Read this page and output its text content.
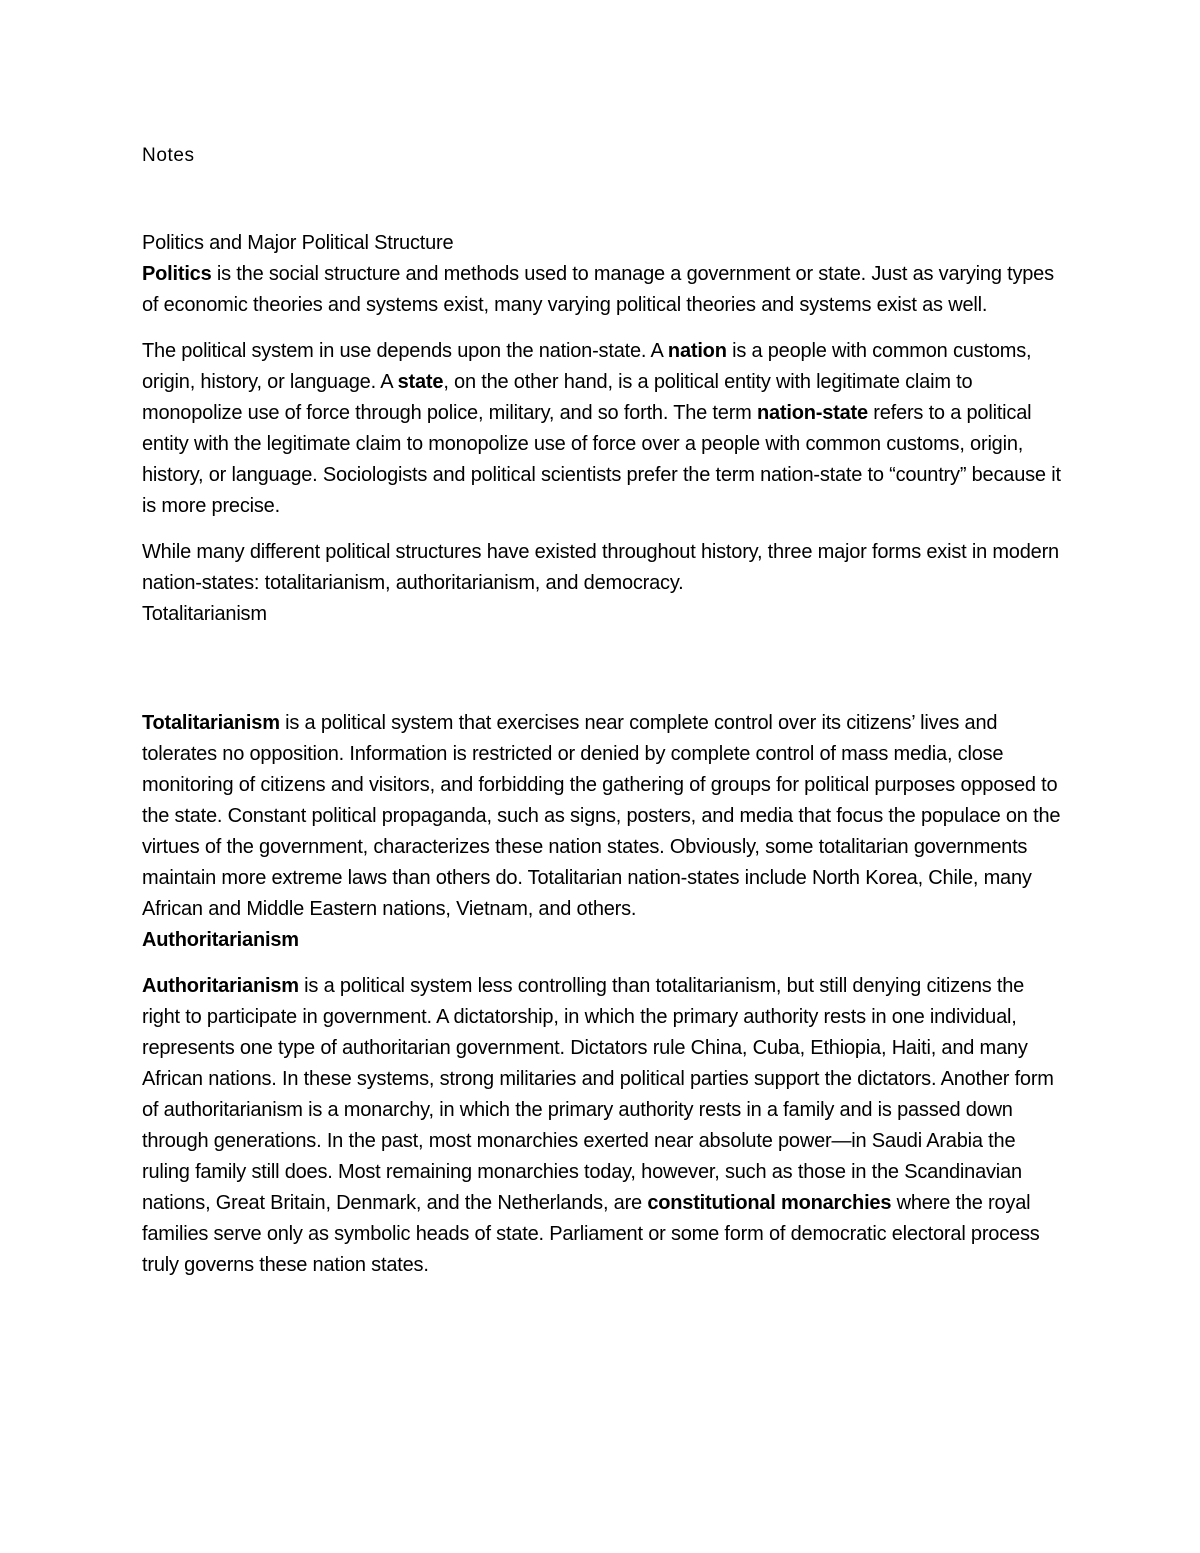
Notes

Politics and Major Political Structure

Politics is the social structure and methods used to manage a government or state. Just as varying types of economic theories and systems exist, many varying political theories and systems exist as well.

The political system in use depends upon the nation-state. A nation is a people with common customs, origin, history, or language. A state, on the other hand, is a political entity with legitimate claim to monopolize use of force through police, military, and so forth. The term nation-state refers to a political entity with the legitimate claim to monopolize use of force over a people with common customs, origin, history, or language. Sociologists and political scientists prefer the term nation-state to “country” because it is more precise.

While many different political structures have existed throughout history, three major forms exist in modern nation-states: totalitarianism, authoritarianism, and democracy.

Totalitarianism

Totalitarianism is a political system that exercises near complete control over its citizens’ lives and tolerates no opposition. Information is restricted or denied by complete control of mass media, close monitoring of citizens and visitors, and forbidding the gathering of groups for political purposes opposed to the state. Constant political propaganda, such as signs, posters, and media that focus the populace on the virtues of the government, characterizes these nation states. Obviously, some totalitarian governments maintain more extreme laws than others do. Totalitarian nation-states include North Korea, Chile, many African and Middle Eastern nations, Vietnam, and others.

Authoritarianism

Authoritarianism is a political system less controlling than totalitarianism, but still denying citizens the right to participate in government. A dictatorship, in which the primary authority rests in one individual, represents one type of authoritarian government. Dictators rule China, Cuba, Ethiopia, Haiti, and many African nations. In these systems, strong militaries and political parties support the dictators. Another form of authoritarianism is a monarchy, in which the primary authority rests in a family and is passed down through generations. In the past, most monarchies exerted near absolute power—in Saudi Arabia the ruling family still does. Most remaining monarchies today, however, such as those in the Scandinavian nations, Great Britain, Denmark, and the Netherlands, are constitutional monarchies where the royal families serve only as symbolic heads of state. Parliament or some form of democratic electoral process truly governs these nation states.
